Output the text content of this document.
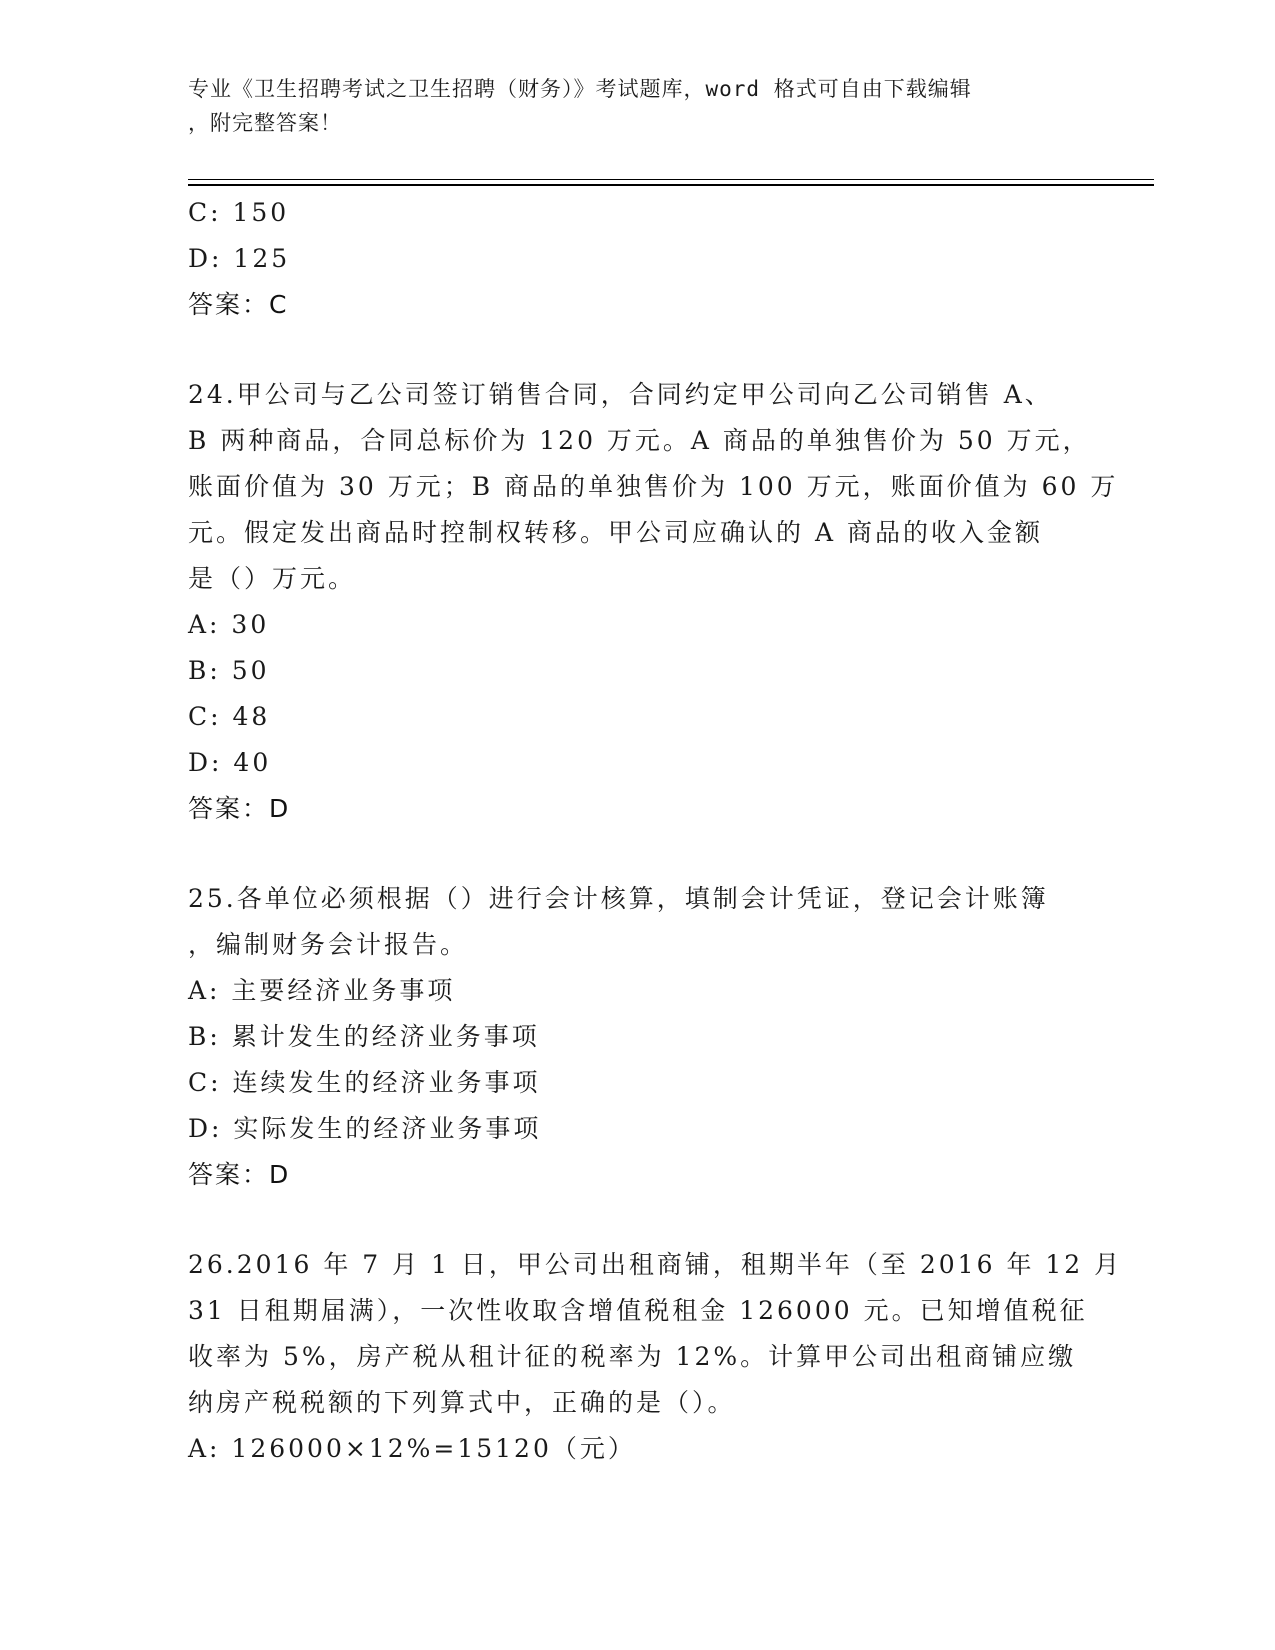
专业《卫生招聘考试之卫生招聘（财务）》考试题库，word 格式可自由下载编辑
，附完整答案！
C: 150
D: 125
答案：C
24.甲公司与乙公司签订销售合同，合同约定甲公司向乙公司销售 A、
B 两种商品，合同总标价为 120 万元。A 商品的单独售价为 50 万元，
账面价值为 30 万元；B 商品的单独售价为 100 万元，账面价值为 60 万
元。假定发出商品时控制权转移。甲公司应确认的 A 商品的收入金额
是（）万元。
A: 30
B: 50
C: 48
D: 40
答案：D
25.各单位必须根据（）进行会计核算，填制会计凭证，登记会计账簿
，编制财务会计报告。
A: 主要经济业务事项
B: 累计发生的经济业务事项
C: 连续发生的经济业务事项
D: 实际发生的经济业务事项
答案：D
26.2016 年 7 月 1 日，甲公司出租商铺，租期半年（至 2016 年 12 月
31 日租期届满），一次性收取含增值税租金 126000 元。已知增值税征
收率为 5%，房产税从租计征的税率为 12%。计算甲公司出租商铺应缴
纳房产税税额的下列算式中，正确的是（）。
A: 126000×12%=15120（元）
